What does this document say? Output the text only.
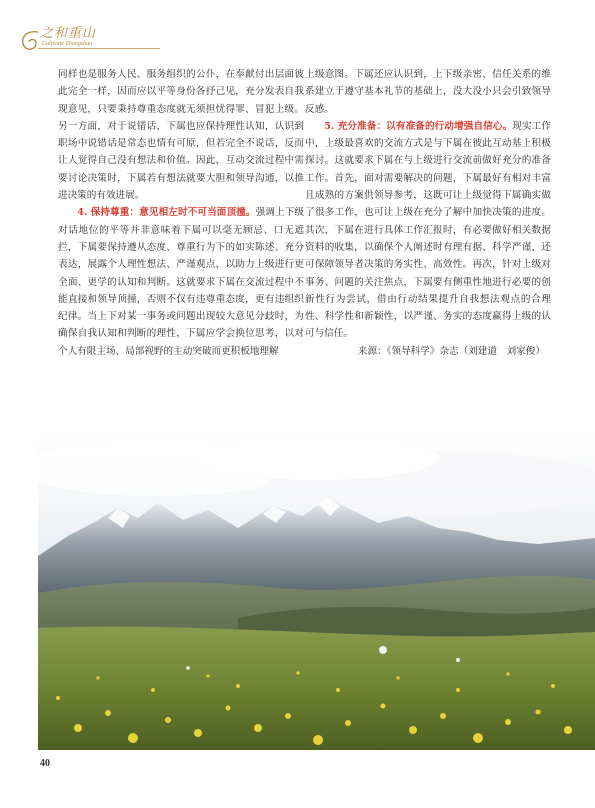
之和重山
Cultivate Zhongshan

同样也是服务人民、服务组织的公仆，在奉献付出层面彼此完全一样，因而应以平等身份各抒己见，充分发表自我现意见，只要秉持尊重态度就无须担忧得罪、冒犯上级。另一方面，对于说错话，下属也应保持理性认知，认识到职场中说错话是常态也情有可原，但若完全不说话，反而让人觉得自己没有想法和价值。因此，互动交流过程中需要讨论决策时，下属若有想法就要大胆和领导沟通，以推进决策的有效进展。

4. 保持尊重：意见相左时不可当面顶撞。强调上下级对话地位的平等并非意味着下属可以毫无顾忌、口无遮拦，下属要保持遵从态度、尊重行为下的如实陈述、充分表达，展露个人理性想法、严谨观点，以助力上级进行更全面、更学的认知和判断。这就要求下属在交流过程中不能直接和领导顶撞，否则不仅有违尊重态度，更有违组织纪律。当上下对某一事务或问题出现较大意见分歧时，为确保自我认知和判断的理性，下属应学会换位思考，以对个人有限主场、局部视野的主动突破而更积板地理解

上级意图。下属还应认识到，上下级亲密、信任关系的维系建立于遵守基本礼节的基础上，没大没小只会引致领导反感。

5. 充分准备：以有准备的行动增强自信心。现实工作中，上级最喜欢的交流方式是与下属在彼此互动基上积极探讨。这就要求下属在与上级进行交流前做好充分的准备工作。首先，面对需要解决的问题，下属最好有相对丰富且成熟的方案供领导参考，这既可让上级觉得下属确实做了很多工作，也可让上级在充分了解中加快决策的进度。其次，下属在进行具体工作汇报时，有必要做好相关数据资料的收集，以确保个人阐述时有理有据、科学严谨，还可保障领导者决策的务实性、高效性。再次，针对上级对事务、问题的关注焦点，下属要有侧重性地进行必要的创新性行为尝试，借由行动结果提升自我想法观点的合理性、科学性和新颖性，以严谨、务实的态度赢得上级的认可与信任。

来源：《领导科学》杂志（刘建道　刘家俊）

40
